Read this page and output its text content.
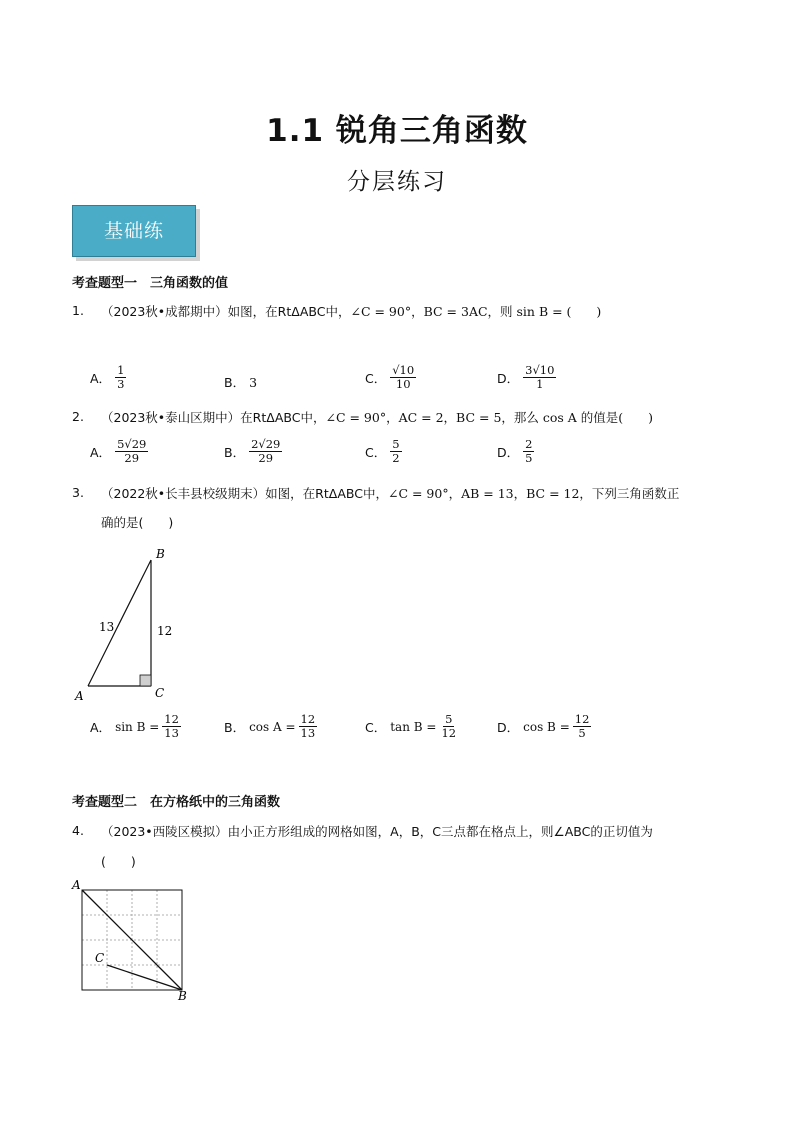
1.1 锐角三角函数
分层练习
基础练
考查题型一　三角函数的值
1. （2023秋•成都期中）如图，在RtΔABC中，∠C = 90°，BC = 3AC，则 sin B = (　　)
A． $\frac{1}{3}$	B． 3	C． $\frac{√10}{10}$	D． $\frac{3√10}{1}$
2. （2023秋•泰山区期中）在RtΔABC中，∠C = 90°，AC = 2，BC = 5，那么 cos A 的值是(　　)
A． $\frac{5√29}{29}$	B． $\frac{2√29}{29}$	C． $\frac{5}{2}$	D． $\frac{2}{5}$
3. （2022秋•长丰县校级期末）如图，在RtΔABC中，∠C = 90°，AB = 13，BC = 12，下列三角函数正
确的是(　　)
B
A	C
13	12
A． $\sin B = \frac{12}{13}$	B． $\cos A = \frac{12}{13}$	C． $\tan B = \frac{5}{12}$	D． $\cos B = \frac{12}{5}$
考查题型二　在方格纸中的三角函数
4. （2023•西陵区模拟）由小正方形组成的网格如图，A，B，C三点都在格点上，则∠ABC的正切值为
(　　)
A
B
C
